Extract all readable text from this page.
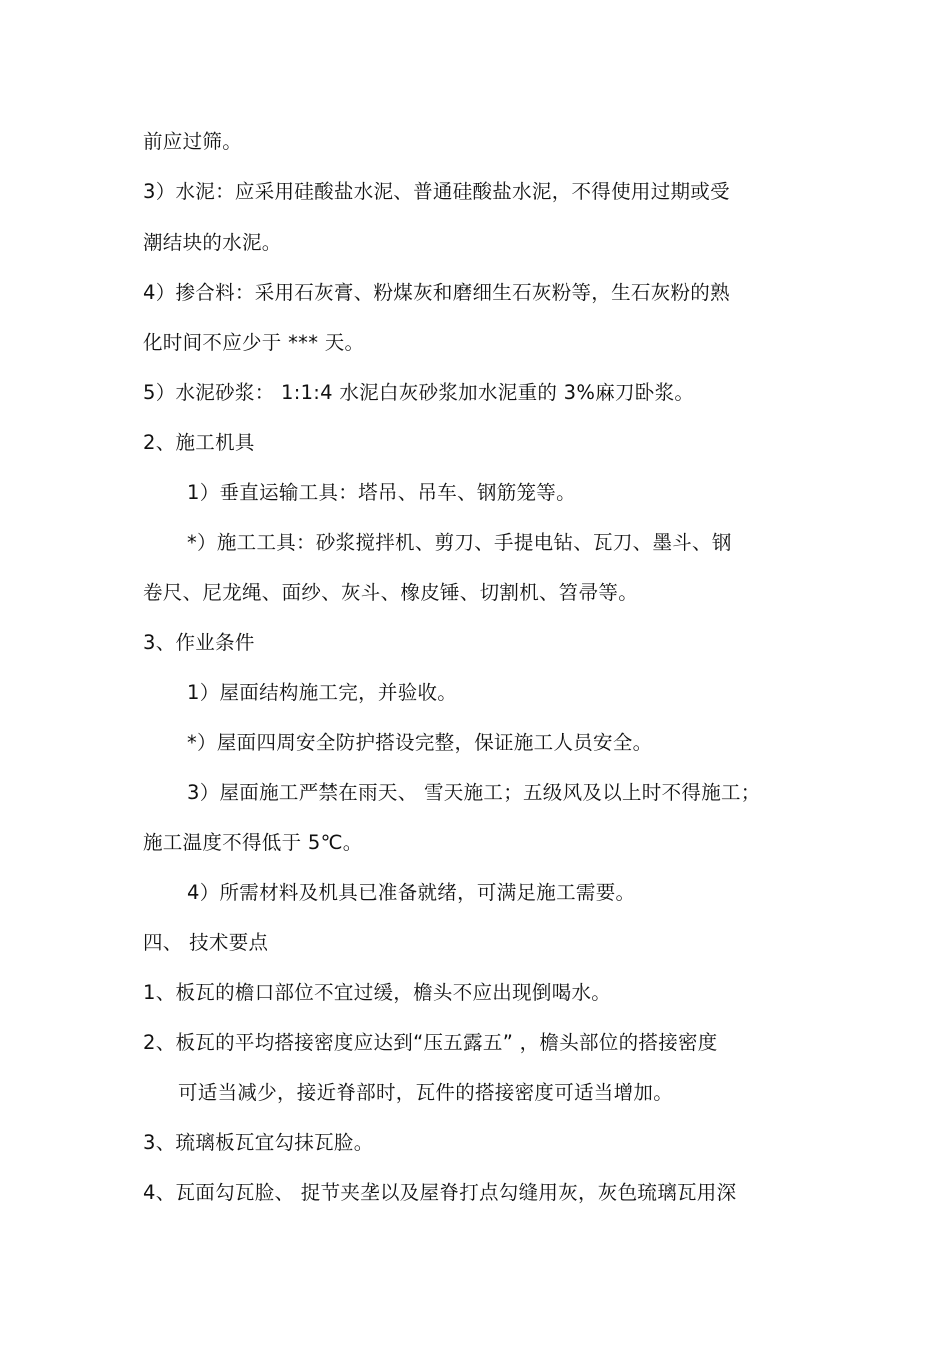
前应过筛。
3）水泥：应采用硅酸盐水泥、普通硅酸盐水泥，不得使用过期或受
潮结块的水泥。
4）掺合料：采用石灰膏、粉煤灰和磨细生石灰粉等，生石灰粉的熟
化时间不应少于 *** 天。
5）水泥砂浆： 1:1:4 水泥白灰砂浆加水泥重的 3%麻刀卧浆。
2、施工机具
1）垂直运输工具：塔吊、吊车、钢筋笼等。
*）施工工具：砂浆搅拌机、剪刀、手提电钻、瓦刀、墨斗、钢
卷尺、尼龙绳、面纱、灰斗、橡皮锤、切割机、笤帚等。
3、作业条件
1）屋面结构施工完，并验收。
*）屋面四周安全防护搭设完整，保证施工人员安全。
3）屋面施工严禁在雨天、 雪天施工；五级风及以上时不得施工；
施工温度不得低于 5℃。
4）所需材料及机具已准备就绪，可满足施工需要。
四、 技术要点
1、板瓦的檐口部位不宜过缓，檐头不应出现倒喝水。
2、板瓦的平均搭接密度应达到“压五露五” ，檐头部位的搭接密度
可适当减少，接近脊部时，瓦件的搭接密度可适当增加。
3、琉璃板瓦宜勾抹瓦脸。
4、瓦面勾瓦脸、 捉节夹垄以及屋脊打点勾缝用灰，灰色琉璃瓦用深
